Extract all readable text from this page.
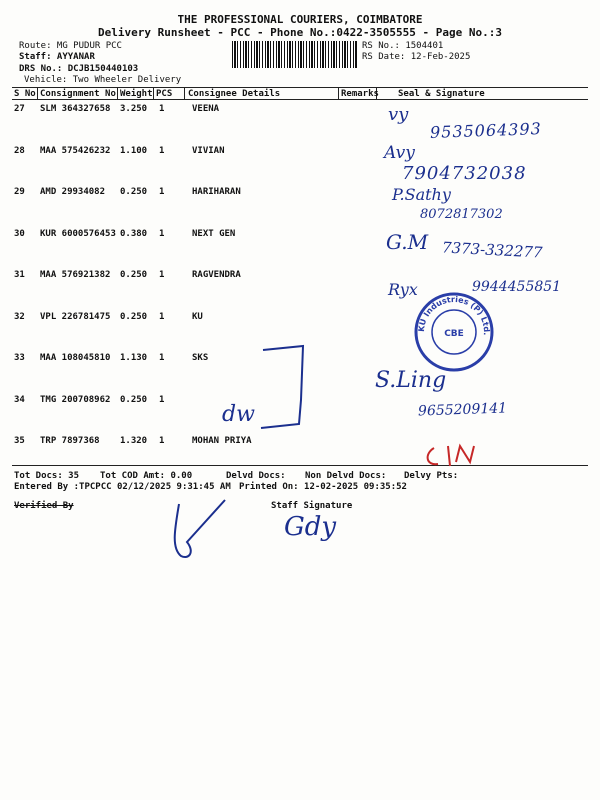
THE PROFESSIONAL COURIERS, COIMBATORE
Delivery Runsheet - PCC - Phone No.:0422-3505555 - Page No.:3
Route: MG PUDUR PCC
Staff: AYYANAR
DRS No.: DCJB150440103
Vehicle: Two Wheeler Delivery
RS No.: 1504401
RS Date: 12-Feb-2025
S No Consignment No Weight PCS Consignee Details	Remarks Seal & Signature
27 SLM 364327658 3.250 1	VEENA
28 MAA 575426232 1.100 1	VIVIAN
29 AMD 29934082 0.250 1	HARIHARAN
30 KUR 6000576453 0.380 1	NEXT GEN
31 MAA 576921382 0.250 1	RAGVENDRA
32 VPL 226781475 0.250 1	KU
33 MAA 108045810 1.130 1	SKS
34 TMG 200708962 0.250 1
35 TRP 7897368 1.320 1	MOHAN PRIYA
vy
9535064393
Avy
7904732038
P.Sathy
8072817302
G.M 7373-332277
Ryx	9944455851
S.Ling
9655209141
dw
KU Industries (P) Ltd.
CBE
Tot Docs: 35 Tot COD Amt: 0.00	Delvd Docs: Non Delvd Docs: Delvy Pts:
Entered By :TPCPCC 02/12/2025 9:31:45 AM Printed On: 12-02-2025 09:35:52
Verified By	Staff Signature
Gdy
